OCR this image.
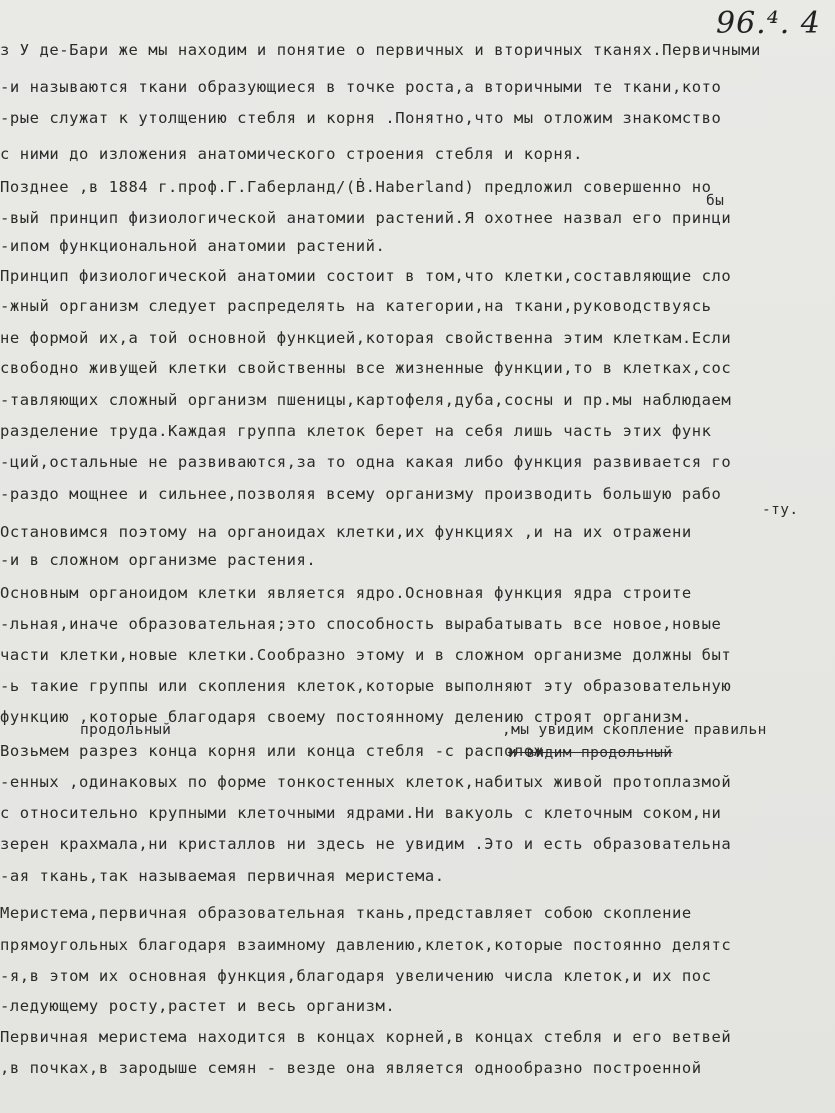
96.⁴. 4
з У де-Бари же мы находим и понятие о первичных и вторичных тканях.Первичными
-и называются ткани образующиеся в точке роста,а вторичными те ткани,кото
-рые служат к утолщению стебля и корня .Понятно,что мы отложим знакомство
с ними до изложения анатомического строения стебля и корня.
Позднее ,в 1884 г.проф.Г.Габерланд/(Ḃ.Haberland) предложил совершенно но
-вый принцип физиологической анатомии растений.Я охотнее назвал его принци
-ипом функциональной анатомии растений.
Принцип физиологической анатомии состоит в том,что клетки,составляющие сло
-жный организм следует распределять на категории,на ткани,руководствуясь
не формой их,а той основной функцией,которая свойственна этим клеткам.Если
свободно живущей клетки свойственны все жизненные функции,то в клетках,сос
-тавляющих сложный организм пшеницы,картофеля,дуба,сосны и пр.мы наблюдаем
разделение труда.Каждая группа клеток берет на себя лишь часть этих функ
-ций,остальные не развиваются,за то одна какая либо функция развивается го
-раздо мощнее и сильнее,позволяя всему организму производить большую рабо
Остановимся поэтому на органоидах клетки,их функциях ,и на их отражени
-и в сложном организме растения.
Основным органоидом клетки является ядро.Основная функция ядра строите
-льная,иначе образовательная;это способность вырабатывать все новое,новые
части клетки,новые клетки.Сообразно этому и в сложном организме должны быт
-ь такие группы или скопления клеток,которые выполняют эту образовательную
функцию ,которые благодаря своему постоянному делению строят организм.
Возьмем разрез конца корня или конца стебля -с располож
-енных ,одинаковых по форме тонкостенных клеток,набитых живой протоплазмой
с относительно крупными клеточными ядрами.Ни вакуоль с клеточным соком,ни
зерен крахмала,ни кристаллов ни здесь не увидим .Это и есть образовательна
-ая ткань,так называемая первичная меристема.
Меристема,первичная образовательная ткань,представляет собою скопление
прямоугольных благодаря взаимному давлению,клеток,которые постоянно делятс
-я,в этом их основная функция,благодаря увеличению числа клеток,и их пос
-ледующему росту,растет и весь организм.
Первичная меристема находится в концах корней,в концах стебля и его ветвей
,в почках,в зародыше семян - везде она является однообразно построенной
бы
-ту.
продольный	,мы увидим скопление правильн
и видим продольный
